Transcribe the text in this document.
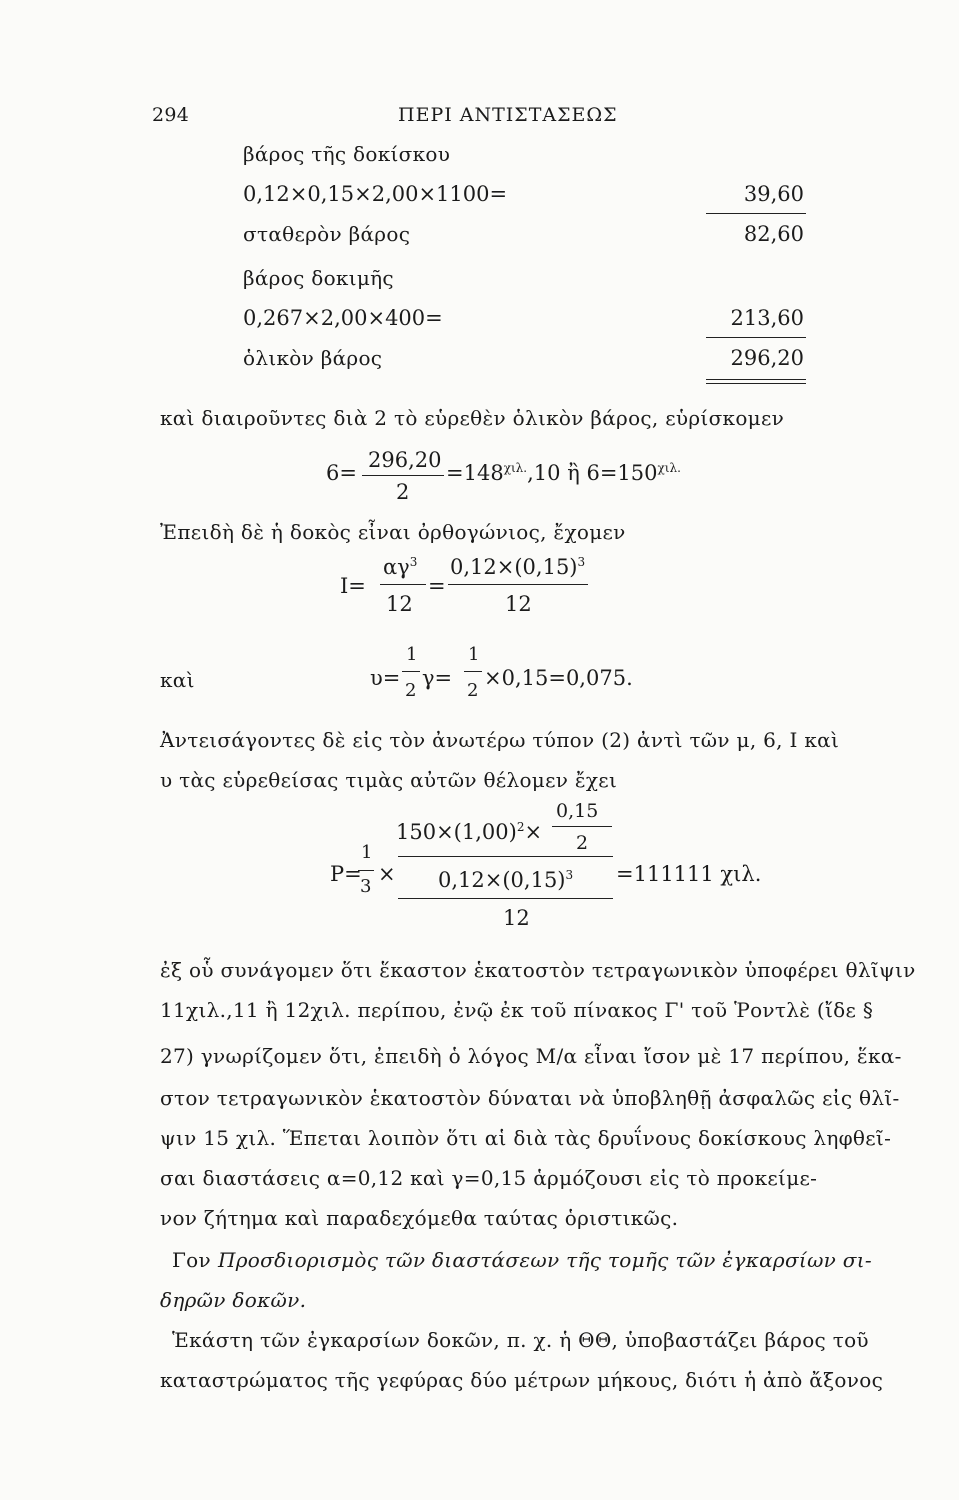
294	ΠΕΡΙ ΑΝΤΙΣΤΑΣΕΩΣ
βάρος τῆς δοκίσκου
0,12×0,15×2,00×1100=	39,60
σταθερὸν βάρος	82,60
βάρος δοκιμῆς
0,267×2,00×400=	213,60
ὁλικὸν βάρος	296,20
καὶ διαιροῦντες διὰ 2 τὸ εὑρεθὲν ὁλικὸν βάρος, εὑρίσκομεν
296,20
2
6=	$=148^{\chi\iota\lambda.},10$ ἢ $6=150^{\chi\iota\lambda.}$
Ἐπειδὴ δὲ ἡ δοκὸς εἶναι ὀρθογώνιος, ἔχομεν
$\alpha\gamma^3$
12
I=	=
$0,12\times(0,15)^3$
12
καὶ	υ=
1
2
γ=
1
2
×0,15=0,075.
Ἀντεισάγοντες δὲ εἰς τὸν ἀνωτέρω τύπον (2) ἀντὶ τῶν μ, 6, I καὶ
υ τὰς εὑρεθείσας τιμὰς αὐτῶν θέλομεν ἔχει
0,15
2
$150\times(1,00)^2\times$
$0,12\times(0,15)^3$
12
P=
1
3
×	=111111 χιλ.
ἐξ οὗ συνάγομεν ὅτι ἕκαστον ἑκατοστὸν τετραγωνικὸν ὑποφέρει θλῖψιν
11χιλ.,11 ἢ 12χιλ. περίπου, ἐνῷ ἐκ τοῦ πίνακος Γ' τοῦ Ῥοντλὲ (ἴδε §
27) γνωρίζομεν ὅτι, ἐπειδὴ ὁ λόγος M/α εἶναι ἴσον μὲ 17 περίπου, ἕκα-
στον τετραγωνικὸν ἑκατοστὸν δύναται νὰ ὑποβληθῇ ἀσφαλῶς εἰς θλῖ-
ψιν 15 χιλ. Ἕπεται λοιπὸν ὅτι αἱ διὰ τὰς δρυΐνους δοκίσκους ληφθεῖ-
σαι διαστάσεις α=0,12 καὶ γ=0,15 ἁρμόζουσι εἰς τὸ προκείμε-
νον ζήτημα καὶ παραδεχόμεθα ταύτας ὁριστικῶς.
Γον Προσδιορισμὸς τῶν διαστάσεων τῆς τομῆς τῶν ἐγκαρσίων σι-
δηρῶν δοκῶν.
Ἑκάστη τῶν ἐγκαρσίων δοκῶν, π. χ. ἡ ΘΘ, ὑποβαστάζει βάρος τοῦ
καταστρώματος τῆς γεφύρας δύο μέτρων μήκους, διότι ἡ ἀπὸ ἄξονος
